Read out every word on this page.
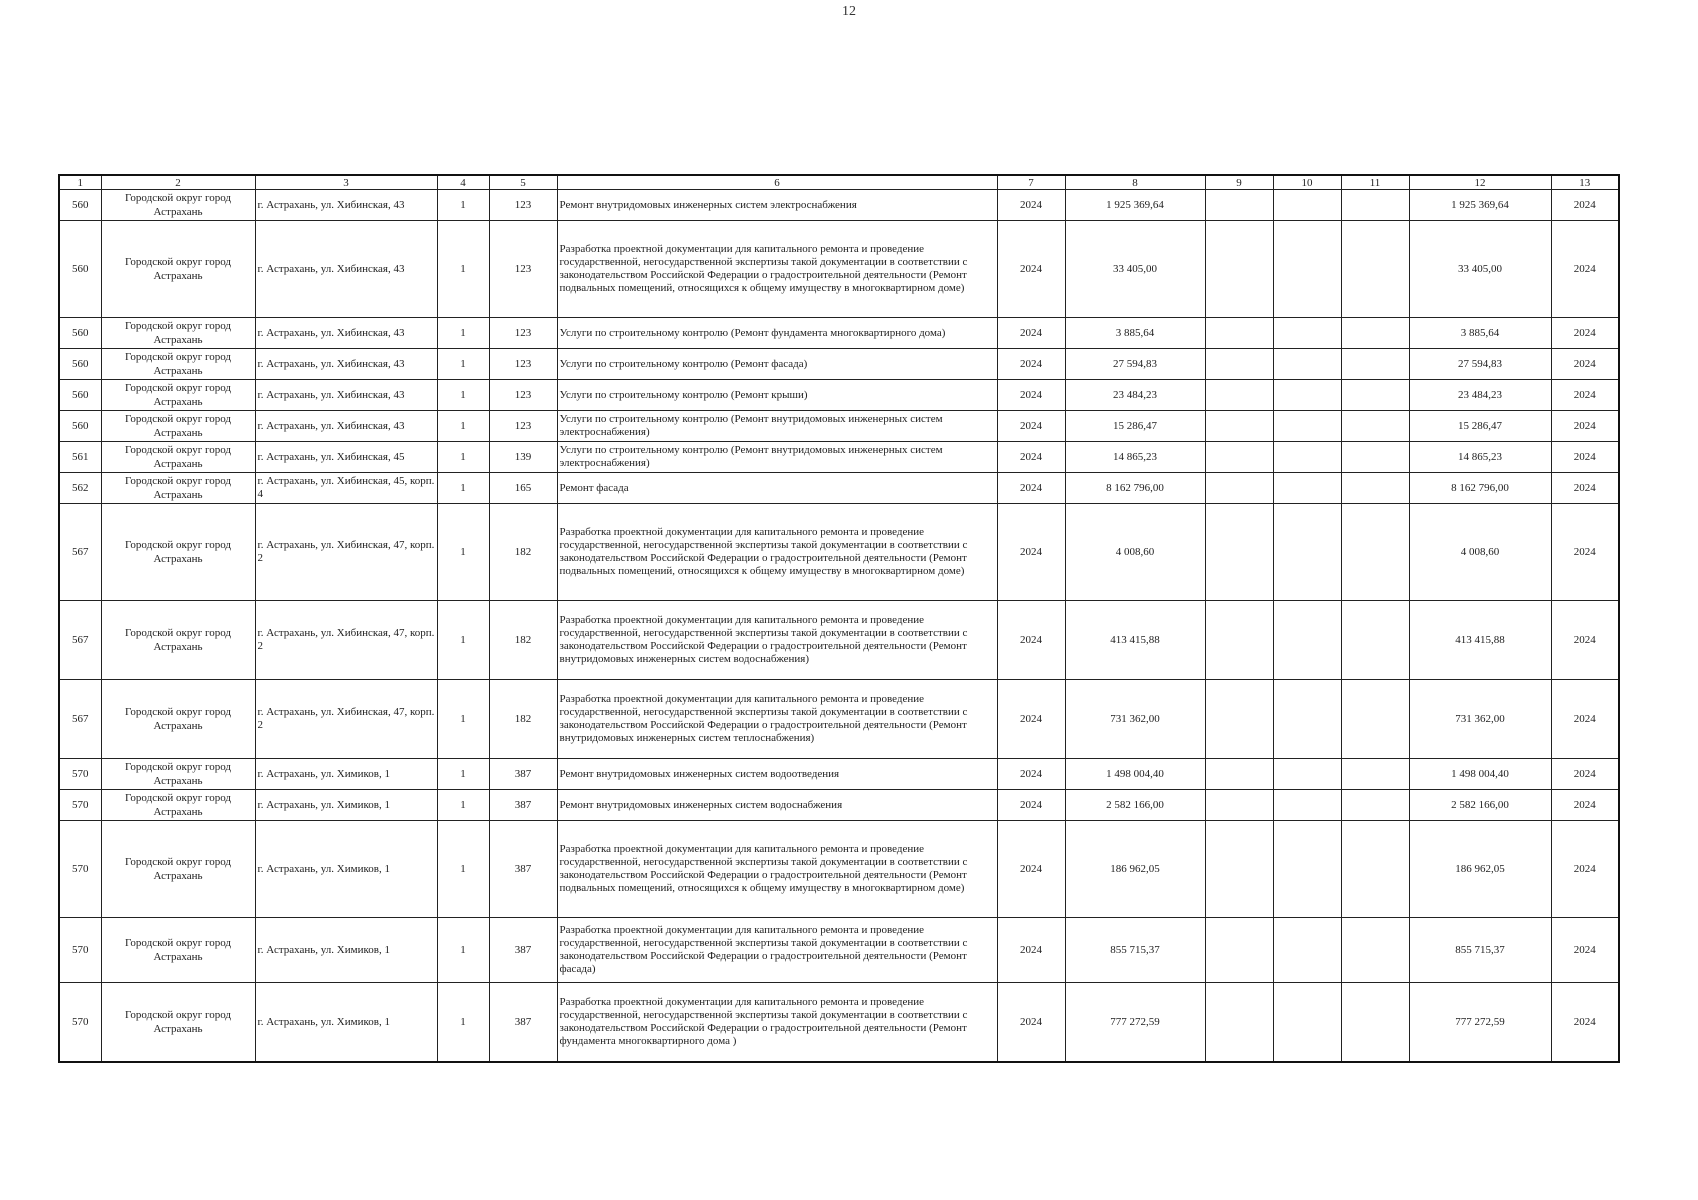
12
1	2	3	4	5	6	7	8	9	10	11	12	13
560	Городской округ город Астрахань	г. Астрахань, ул. Хибинская, 43	1	123	Ремонт внутридомовых инженерных систем электроснабжения	2024	1 925 369,64				1 925 369,64	2024
560	Городской округ город Астрахань	г. Астрахань, ул. Хибинская, 43	1	123	Разработка проектной документации для капитального ремонта и проведение государственной, негосударственной экспертизы такой документации в соответствии с законодательством Российской Федерации о градостроительной деятельности (Ремонт подвальных помещений, относящихся к общему имуществу в многоквартирном доме)	2024	33 405,00				33 405,00	2024
560	Городской округ город Астрахань	г. Астрахань, ул. Хибинская, 43	1	123	Услуги по строительному контролю (Ремонт фундамента многоквартирного дома)	2024	3 885,64				3 885,64	2024
560	Городской округ город Астрахань	г. Астрахань, ул. Хибинская, 43	1	123	Услуги по строительному контролю (Ремонт фасада)	2024	27 594,83				27 594,83	2024
560	Городской округ город Астрахань	г. Астрахань, ул. Хибинская, 43	1	123	Услуги по строительному контролю (Ремонт крыши)	2024	23 484,23				23 484,23	2024
560	Городской округ город Астрахань	г. Астрахань, ул. Хибинская, 43	1	123	Услуги по строительному контролю (Ремонт внутридомовых инженерных систем электроснабжения)	2024	15 286,47				15 286,47	2024
561	Городской округ город Астрахань	г. Астрахань, ул. Хибинская, 45	1	139	Услуги по строительному контролю (Ремонт внутридомовых инженерных систем электроснабжения)	2024	14 865,23				14 865,23	2024
562	Городской округ город Астрахань	г. Астрахань, ул. Хибинская, 45, корп. 4	1	165	Ремонт фасада	2024	8 162 796,00				8 162 796,00	2024
567	Городской округ город Астрахань	г. Астрахань, ул. Хибинская, 47, корп. 2	1	182	Разработка проектной документации для капитального ремонта и проведение государственной, негосударственной экспертизы такой документации в соответствии с законодательством Российской Федерации о градостроительной деятельности (Ремонт подвальных помещений, относящихся к общему имуществу в многоквартирном доме)	2024	4 008,60				4 008,60	2024
567	Городской округ город Астрахань	г. Астрахань, ул. Хибинская, 47, корп. 2	1	182	Разработка проектной документации для капитального ремонта и проведение государственной, негосударственной экспертизы такой документации в соответствии с законодательством Российской Федерации о градостроительной деятельности (Ремонт внутридомовых инженерных систем водоснабжения)	2024	413 415,88				413 415,88	2024
567	Городской округ город Астрахань	г. Астрахань, ул. Хибинская, 47, корп. 2	1	182	Разработка проектной документации для капитального ремонта и проведение государственной, негосударственной экспертизы такой документации в соответствии с законодательством Российской Федерации о градостроительной деятельности (Ремонт внутридомовых инженерных систем теплоснабжения)	2024	731 362,00				731 362,00	2024
570	Городской округ город Астрахань	г. Астрахань, ул. Химиков, 1	1	387	Ремонт внутридомовых инженерных систем водоотведения	2024	1 498 004,40				1 498 004,40	2024
570	Городской округ город Астрахань	г. Астрахань, ул. Химиков, 1	1	387	Ремонт внутридомовых инженерных систем водоснабжения	2024	2 582 166,00				2 582 166,00	2024
570	Городской округ город Астрахань	г. Астрахань, ул. Химиков, 1	1	387	Разработка проектной документации для капитального ремонта и проведение государственной, негосударственной экспертизы такой документации в соответствии с законодательством Российской Федерации о градостроительной деятельности (Ремонт подвальных помещений, относящихся к общему имуществу в многоквартирном доме)	2024	186 962,05				186 962,05	2024
570	Городской округ город Астрахань	г. Астрахань, ул. Химиков, 1	1	387	Разработка проектной документации для капитального ремонта и проведение государственной, негосударственной экспертизы такой документации в соответствии с законодательством Российской Федерации о градостроительной деятельности (Ремонт фасада)	2024	855 715,37				855 715,37	2024
570	Городской округ город Астрахань	г. Астрахань, ул. Химиков, 1	1	387	Разработка проектной документации для капитального ремонта и проведение государственной, негосударственной экспертизы такой документации в соответствии с законодательством Российской Федерации о градостроительной деятельности (Ремонт фундамента многоквартирного дома )	2024	777 272,59				777 272,59	2024
